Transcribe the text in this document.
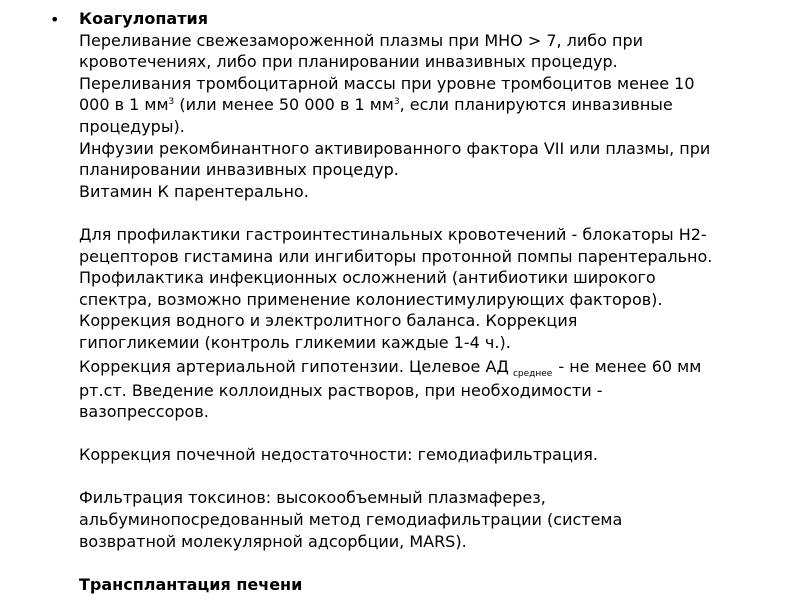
• Коагулопатия
Переливание свежезамороженной плазмы при МНО > 7, либо при
кровотечениях, либо при планировании инвазивных процедур.
Переливания тромбоцитарной массы при уровне тромбоцитов менее 10
000 в 1 $мм^3$ (или менее 50 000 в 1 $мм^3$, если планируются инвазивные
процедуры).
Инфузии рекомбинантного активированного фактора VII или плазмы, при
планировании инвазивных процедур.
Витамин К парентерально.
Для профилактики гастроинтестинальных кровотечений - блокаторы Н2-
рецепторов гистамина или ингибиторы протонной помпы парентерально.
Профилактика инфекционных осложнений (антибиотики широкого
спектра, возможно применение колониестимулирующих факторов).
Коррекция водного и электролитного баланса. Коррекция
гипогликемии (контроль гликемии каждые 1-4 ч.).
Коррекция артериальной гипотензии. Целевое АД $_{среднее}$ - не менее 60 мм
рт.ст. Введение коллоидных растворов, при необходимости -
вазопрессоров.
Коррекция почечной недостаточности: гемодиафильтрация.
Фильтрация токсинов: высокообъемный плазмаферез,
альбуминопосредованный метод гемодиафильтрации (система
возвратной молекулярной адсорбции, MARS).
Трансплантация печени
